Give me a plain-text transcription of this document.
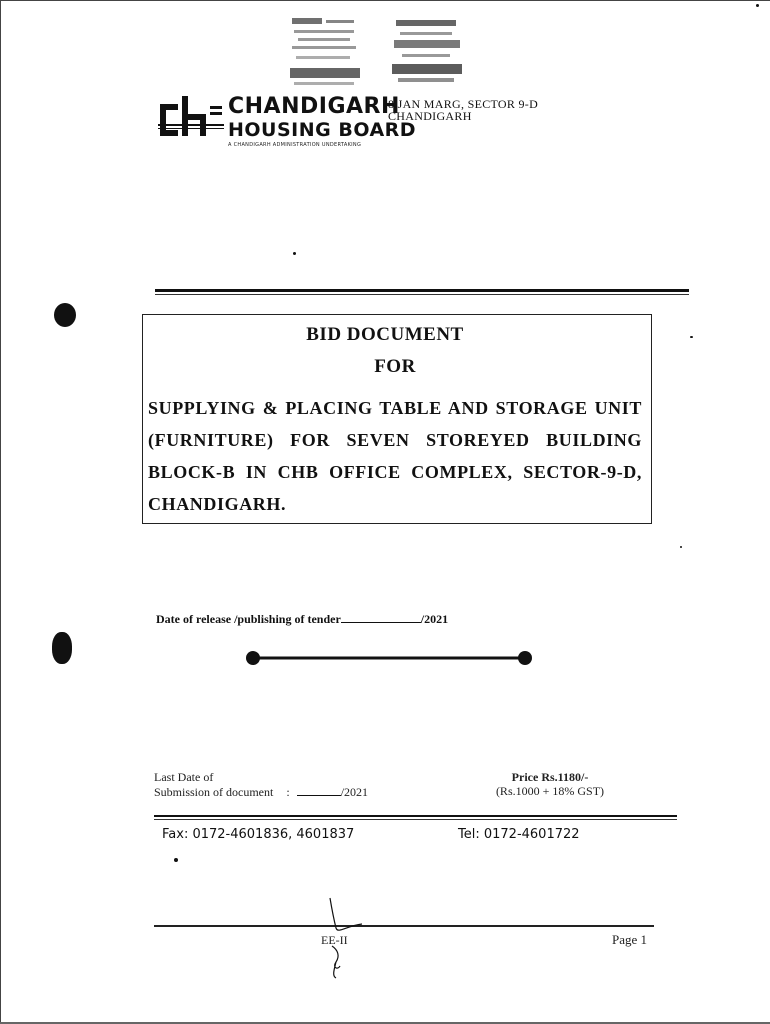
CHANDIGARH
HOUSING BOARD
A CHANDIGARH ADMINISTRATION UNDERTAKING
8 JAN MARG, SECTOR 9-D
CHANDIGARH
BID DOCUMENT
FOR
SUPPLYING & PLACING TABLE AND STORAGE UNIT (FURNITURE) FOR SEVEN STOREYED BUILDING BLOCK-B IN CHB OFFICE COMPLEX, SECTOR-9-D, CHANDIGARH.
Date of release /publishing of tender	/2021
Last Date of
Submission of document :	/2021
Price Rs.1180/-
(Rs.1000 + 18% GST)
Fax: 0172-4601836, 4601837	Tel: 0172-4601722
EE-II	Page 1
